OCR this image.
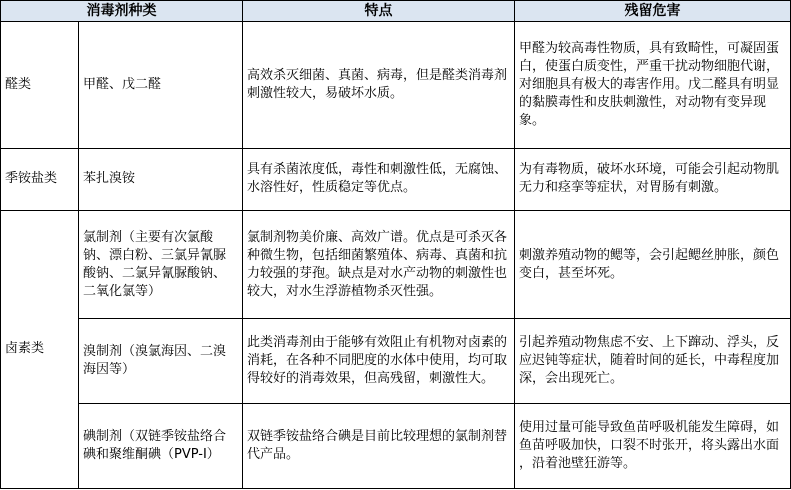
消毒剂种类		特点	残留危害
醛类	甲醛、戊二醛	高效杀灭细菌、真菌、病毒，但是醛类消毒剂刺激性较大，易破坏水质。	甲醛为较高毒性物质，具有致畸性，可凝固蛋白，使蛋白质变性，严重干扰动物细胞代谢，对细胞具有极大的毒害作用。戊二醛具有明显的黏膜毒性和皮肤刺激性，对动物有变异现象。
季铵盐类	苯扎溴铵	具有杀菌浓度低，毒性和刺激性低，无腐蚀、水溶性好，性质稳定等优点。	为有毒物质，破坏水环境，可能会引起动物肌无力和痉挛等症状，对胃肠有刺激。
卤素类	氯制剂（主要有次氯酸钠、漂白粉、三氯异氰脲酸钠、二氯异氰脲酸钠、二氧化氯等）	氯制剂物美价廉、高效广谱。优点是可杀灭各种微生物，包括细菌繁殖体、病毒、真菌和抗力较强的芽孢。缺点是对水产动物的刺激性也较大，对水生浮游植物杀灭性强。	刺激养殖动物的鳃等，会引起鳃丝肿胀，颜色变白，甚至坏死。
	溴制剂（溴氯海因、二溴海因等）	此类消毒剂由于能够有效阻止有机物对卤素的消耗，在各种不同肥度的水体中使用，均可取得较好的消毒效果，但高残留，刺激性大。	引起养殖动物焦虑不安、上下蹿动、浮头，反应迟钝等症状，随着时间的延长，中毒程度加深，会出现死亡。
	碘制剂（双链季铵盐络合碘和聚维酮碘（PVP-I）	双链季铵盐络合碘是目前比较理想的氯制剂替代产品。	使用过量可能导致鱼苗呼吸机能发生障碍，如鱼苗呼吸加快，口裂不时张开，将头露出水面 ，沿着池壁狂游等。
